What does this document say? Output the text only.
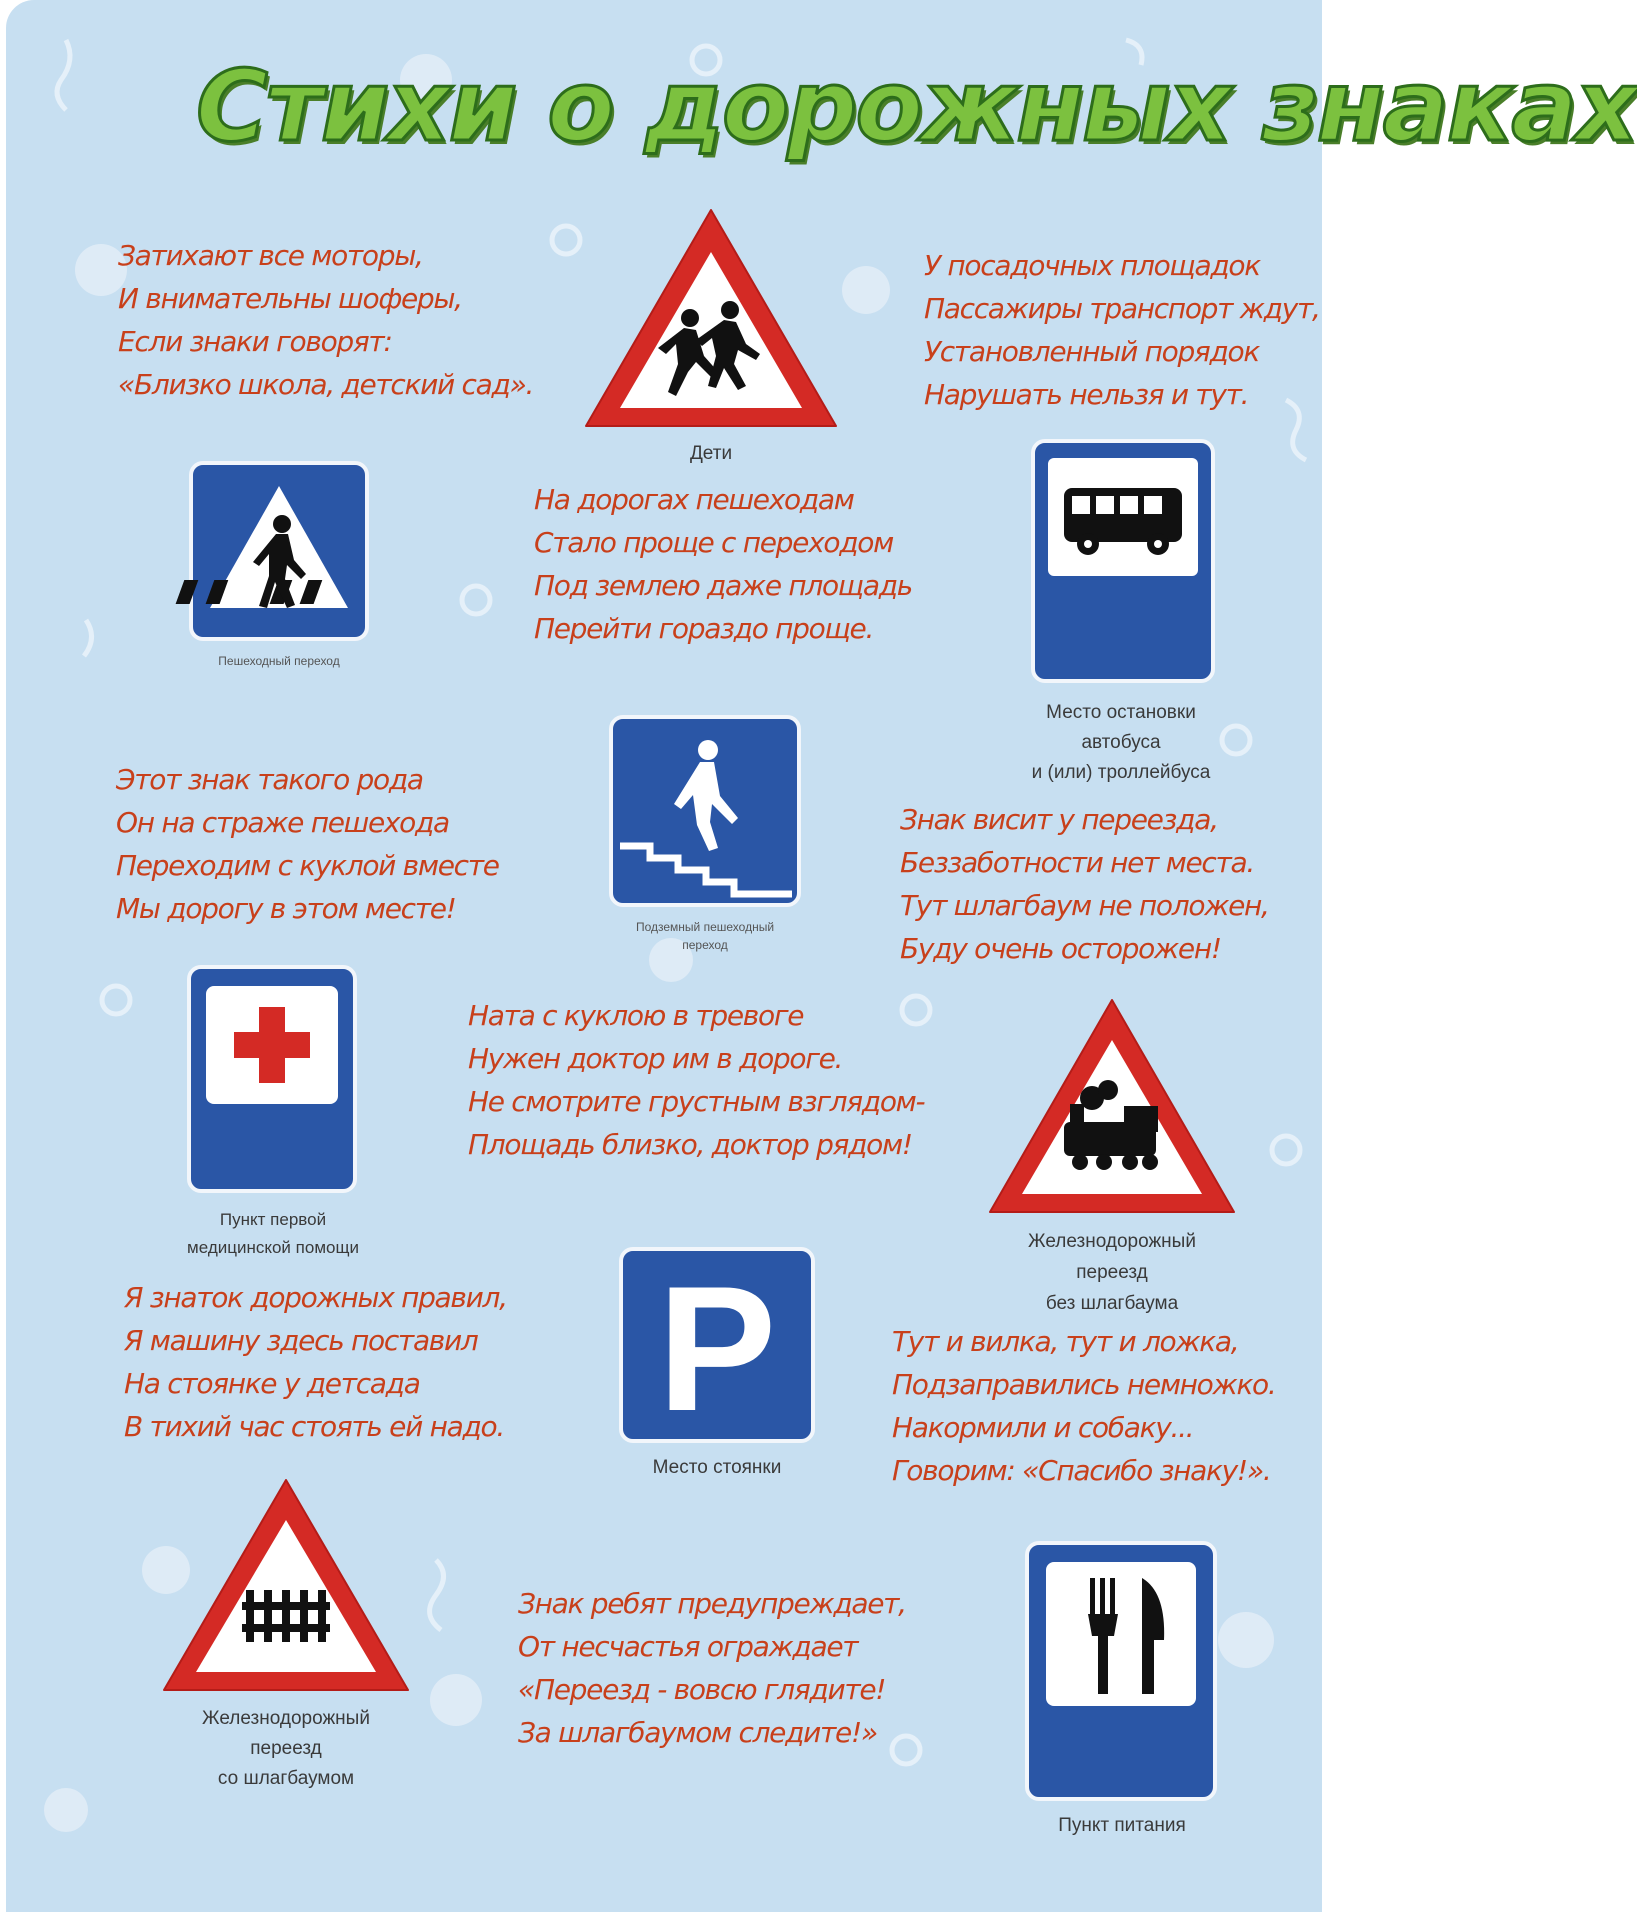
Стихи о дорожных знаках
Затихают все моторы,
И внимательны шоферы,
Если знаки говорят:
«Близко школа, детский сад».
У посадочных площадок
Пассажиры транспорт ждут,
Установленный порядок
Нарушать нельзя и тут.
На дорогах пешеходам
Стало проще с переходом
Под землею даже площадь
Перейти гораздо проще.
Этот знак такого рода
Он на страже пешехода
Переходим с куклой вместе
Мы дорогу в этом месте!
Знак висит у переезда,
Беззаботности нет места.
Тут шлагбаум не положен,
Буду очень осторожен!
Ната с куклою в тревоге
Нужен доктор им в дороге.
Не смотрите грустным взглядом-
Площадь близко, доктор рядом!
Я знаток дорожных правил,
Я машину здесь поставил
На стоянке у детсада
В тихий час стоять ей надо.
Тут и вилка, тут и ложка,
Подзаправились немножко.
Накормили и собаку...
Говорим: «Спасибо знаку!».
Знак ребят предупреждает,
От несчастья ограждает
«Переезд - вовсю глядите!
За шлагбаумом следите!»
Дети
Пешеходный переход
Место остановки
автобуса
и (или) троллейбуса
Подземный пешеходный
переход
Пункт первой
медицинской помощи	Железнодорожный
переезд
без шлагбаума
P
Место стоянки
Железнодорожный
переезд
со шлагбаумом
Пункт питания
